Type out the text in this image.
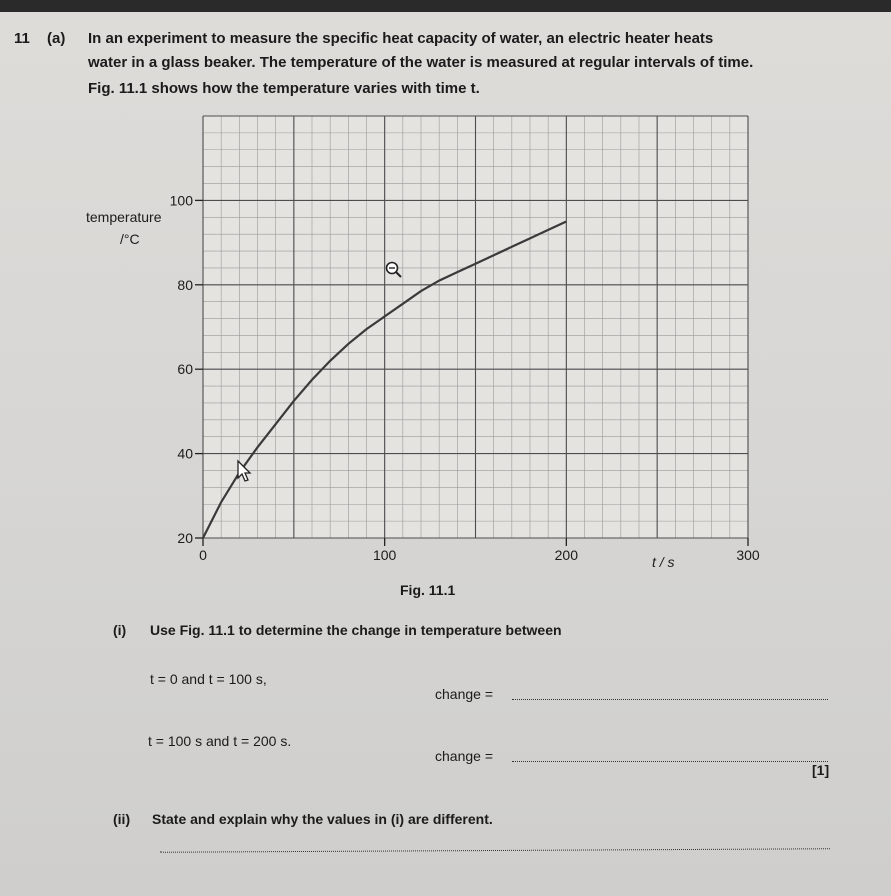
11 (a) In an experiment to measure the specific heat capacity of water, an electric heater heats
water in a glass beaker. The temperature of the water is measured at regular intervals of time.
Fig. 11.1 shows how the temperature varies with time t.
20
40
60
80
100
0	100	200	300
temperature
/°C
t / s
Fig. 11.1
(i) Use Fig. 11.1 to determine the change in temperature between
t = 0 and t = 100 s,
change =
t = 100 s and t = 200 s.
change =
[1]
(ii) State and explain why the values in (i) are different.
